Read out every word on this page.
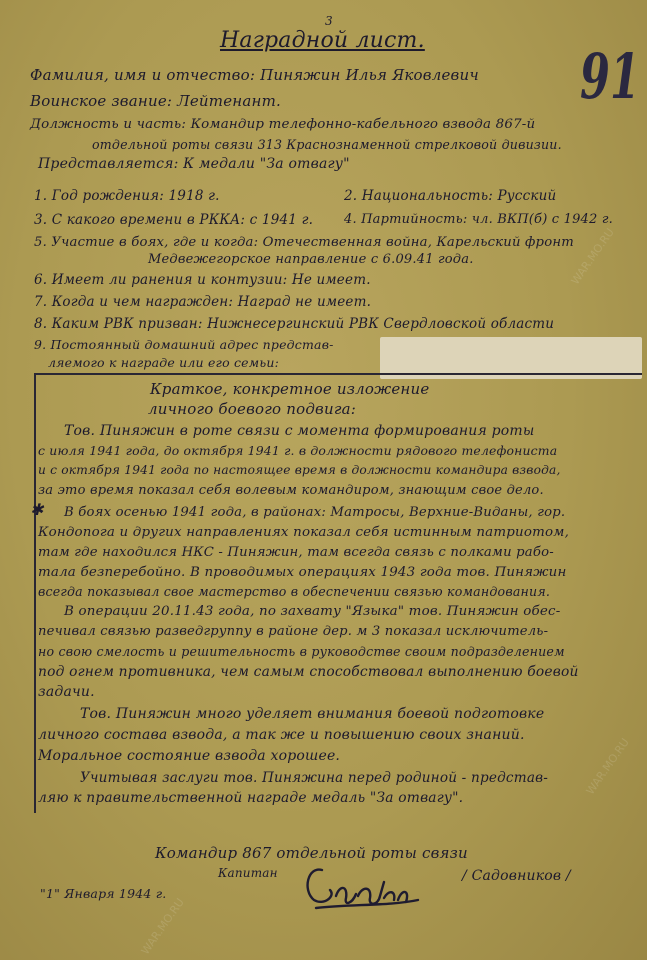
3
Наградной лист.	91
Фамилия, имя и отчество: Пиняжин Илья Яковлевич
Воинское звание: Лейтенант.
Должность и часть: Командир телефонно-кабельного взвода 867-й
отдельной роты связи 313 Краснознаменной стрелковой дивизии.
Представляется: К медали "За отвагу"
1. Год рождения: 1918 г.	2. Национальность: Русский
3. С какого времени в РККА: с 1941 г. 4. Партийность: чл. ВКП(б) с 1942 г.
5. Участие в боях, где и когда: Отечественная война, Карельский фронт
Медвежегорское направление с 6.09.41 года.
6. Имеет ли ранения и контузии: Не имеет.
7. Когда и чем награжден: Наград не имеет.
8. Каким РВК призван: Нижнесергинский РВК Свердловской области
9. Постоянный домашний адрес представ-
ляемого к награде или его семьи:
Краткое, конкретное изложение
личного боевого подвига:
Тов. Пиняжин в роте связи с момента формирования роты
с июля 1941 года, до октября 1941 г. в должности рядового телефониста
и с октября 1941 года по настоящее время в должности командира взвода,
за это время показал себя волевым командиром, знающим свое дело.
✱ В боях осенью 1941 года, в районах: Матросы, Верхние-Виданы, гор.
Кондопога и других направлениях показал себя истинным патриотом,
там где находился НКС - Пиняжин, там всегда связь с полками рабо-
тала безперебойно. В проводимых операциях 1943 года тов. Пиняжин
всегда показывал свое мастерство в обеспечении связью командования.
В операции 20.11.43 года, по захвату "Языка" тов. Пиняжин обес-
печивал связью разведгруппу в районе дер. м 3 показал исключитель-
но свою смелость и решительность в руководстве своим подразделением
под огнем противника, чем самым способствовал выполнению боевой
задачи.
Тов. Пиняжин много уделяет внимания боевой подготовке
личного состава взвода, а так же и повышению своих знаний.
Моральное состояние взвода хорошее.
Учитывая заслуги тов. Пиняжина перед родиной - представ-
ляю к правительственной награде медаль "За отвагу".
Командир 867 отдельной роты связи
Капитан	/ Садовников /
"1" Января 1944 г.
WAR.MO.RU
WAR.MO.RU
WAR.MO.RU
